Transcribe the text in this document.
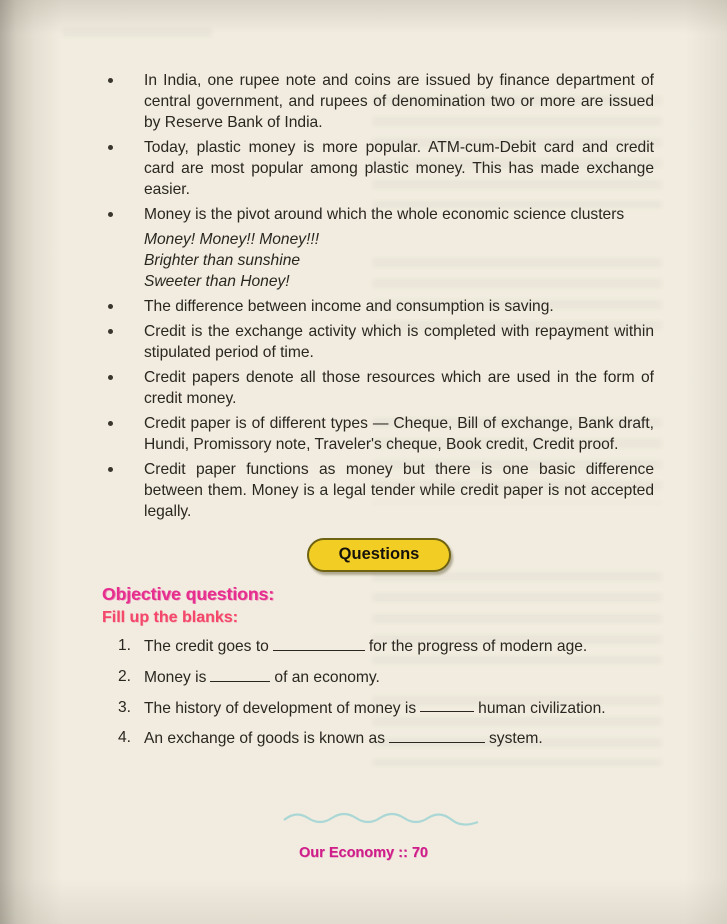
In India, one rupee note and coins are issued by finance department of central government, and rupees of denomination two or more are issued by Reserve Bank of India.
Today, plastic money is more popular. ATM-cum-Debit card and credit card are most popular among plastic money. This has made exchange easier.
Money is the pivot around which the whole economic science clusters

Money! Money!! Money!!!

Brighter than sunshine

Sweeter than Honey!

The difference between income and consumption is saving.
Credit is the exchange activity which is completed with repayment within stipulated period of time.
Credit papers denote all those resources which are used in the form of credit money.
Credit paper is of different types — Cheque, Bill of exchange, Bank draft, Hundi, Promissory note, Traveler's cheque, Book credit, Credit proof.
Credit paper functions as money but there is one basic difference between them. Money is a legal tender while credit paper is not accepted legally.
Questions
Objective questions:
Fill up the blanks:
1. The credit goes to	for the progress of modern age.
2. Money is	of an economy.
3. The history of development of money is	human civilization.
4. An exchange of goods is known as	system.
Our Economy :: 70
